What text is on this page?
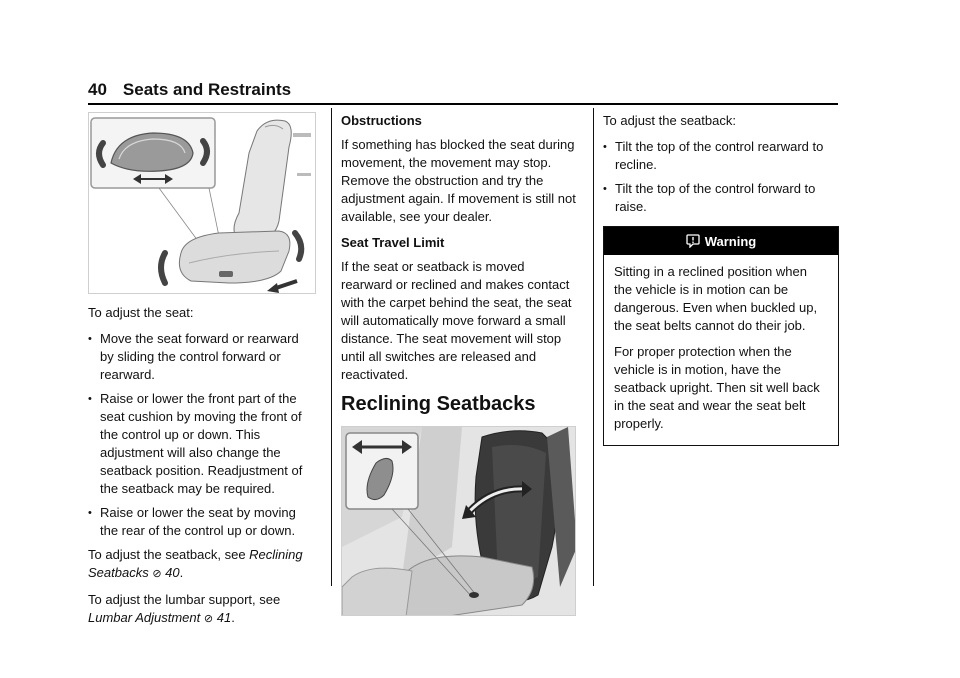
40 Seats and Restraints
To adjust the seat:
• Move the seat forward or rearward by sliding the control forward or rearward.
• Raise or lower the front part of the seat cushion by moving the front of the control up or down. This adjustment will also change the seatback position. Readjustment of the seatback may be required.
• Raise or lower the seat by moving the rear of the control up or down.
To adjust the seatback, see Reclining Seatbacks ⊘ 40.
To adjust the lumbar support, see Lumbar Adjustment ⊘ 41.
Obstructions
If something has blocked the seat during movement, the movement may stop. Remove the obstruction and try the adjustment again. If movement is still not available, see your dealer.
Seat Travel Limit
If the seat or seatback is moved rearward or reclined and makes contact with the carpet behind the seat, the seat will automatically move forward a small distance. The seat movement will stop until all switches are released and reactivated.
Reclining Seatbacks
To adjust the seatback:
• Tilt the top of the control rearward to recline.
• Tilt the top of the control forward to raise.
Warning
Sitting in a reclined position when the vehicle is in motion can be dangerous. Even when buckled up, the seat belts cannot do their job.
For proper protection when the vehicle is in motion, have the seatback upright. Then sit well back in the seat and wear the seat belt properly.
